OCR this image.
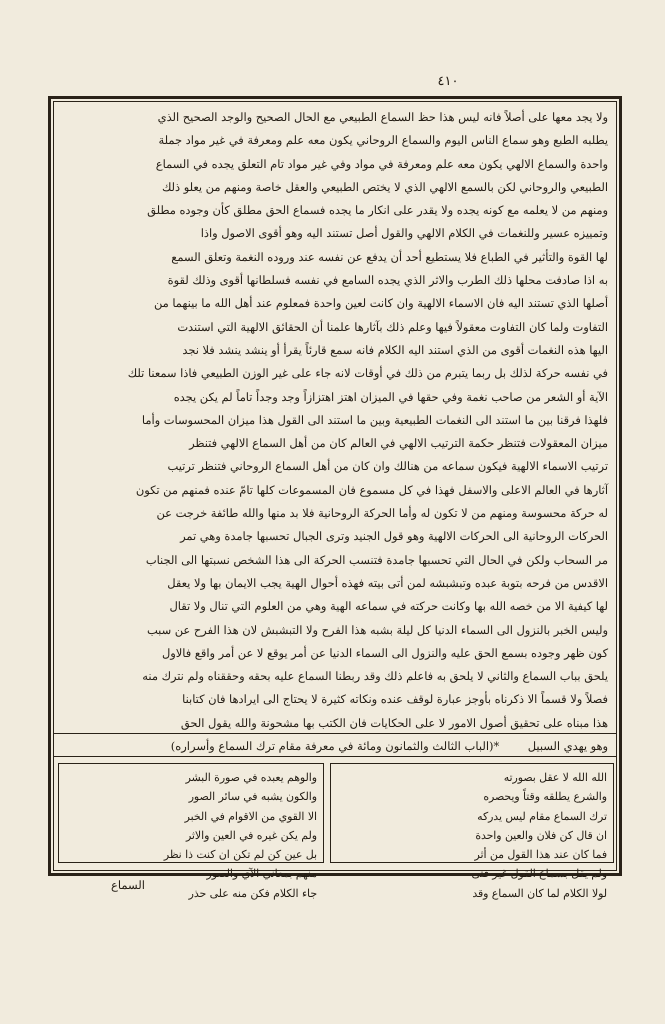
٤١٠

ولا يجد معها على أصلاً فانه ليس هذا حظ السماع الطبيعي مع الحال الصحيح والوجد الصحيح الذي

يطلبه الطبع وهو سماع الناس اليوم والسماع الروحاني يكون معه علم ومعرفة في غير مواد جملة

واحدة والسماع الالهي يكون معه علم ومعرفة في مواد وفي غير مواد تام التعلق يجده في السماع

الطبيعي والروحاني لكن بالسمع الالهي الذي لا يختص الطبيعي والعقل خاصة ومنهم من يعلو ذلك

ومنهم من لا يعلمه مع كونه يجده ولا يقدر على انكار ما يجده فسماع الحق مطلق كأن وجوده مطلق

وتمييزه عسير وللنغمات في الكلام الالهي والقول أصل تستند اليه وهو أقوى الاصول واذا

لها القوة والتأثير في الطباع فلا يستطيع أحد أن يدفع عن نفسه عند وروده النغمة وتعلق السمع

به اذا صادفت محلها ذلك الطرب والاثر الذي يجده السامع في نفسه فسلطانها أقوى وذلك لقوة

أصلها الذي تستند اليه فان الاسماء الالهية وان كانت لعين واحدة فمعلوم عند أهل الله ما بينهما من

التفاوت ولما كان التفاوت معقولاً فيها وعلم ذلك بآثارها علمنا أن الحقائق الالهية التي استندت

اليها هذه النغمات أقوى من الذي استند اليه الكلام فانه سمع قارئاً يقرأ أو ينشد ينشد فلا نجد

في نفسه حركة لذلك بل ربما يتبرم من ذلك في أوقات لانه جاء على غير الوزن الطبيعي فاذا سمعنا تلك

الآية أو الشعر من صاحب نغمة وفي حقها في الميزان اهتز اهتزازاً وجد وجداً تاماً لم يكن يجده

فلهذا فرقنا بين ما استند الى النغمات الطبيعية وبين ما استند الى القول هذا ميزان المحسوسات وأما

ميزان المعقولات فتنظر حكمة الترتيب الالهي في العالم كان من أهل السماع الالهي فتنظر

ترتيب الاسماء الالهية فيكون سماعه من هنالك وان كان من أهل السماع الروحاني فتنظر ترتيب

آثارها في العالم الاعلى والاسفل فهذا في كل مسموع فان المسموعات كلها تامّ عنده فمنهم من تكون

له حركة محسوسة ومنهم من لا تكون له وأما الحركة الروحانية فلا بد منها والله طائفة خرجت عن

الحركات الروحانية الى الحركات الالهية وهو قول الجنيد وترى الجبال تحسبها جامدة وهي تمر

مر السحاب ولكن في الحال التي تحسبها جامدة فتنسب الحركة الى هذا الشخص نسبتها الى الجناب

الاقدس من فرحه بتوبة عبده وتبشبشه لمن أتى بيته فهذه أحوال الهية يجب الايمان بها ولا يعقل

لها كيفية الا من خصه الله بها وكانت حركته في سماعه الهية وهي من العلوم التي تنال ولا تقال

وليس الخبر بالنزول الى السماء الدنيا كل ليلة بشبه هذا الفرح ولا التبشبش لان هذا الفرح عن سبب

كون ظهر وجوده بسمع الحق عليه والنزول الى السماء الدنيا عن أمر يوقع لا عن أمر واقع فالاول

يلحق بباب السماع والثاني لا يلحق به فاعلم ذلك وقد ربطنا السماع عليه بحقه وحققناه ولم نترك منه

فصلاً ولا قسماً الا ذكرناه بأوجز عبارة لوقف عنده ونكاته كثيرة لا يحتاج الى ايرادها فان كتابنا

هذا مبناه على تحقيق أصول الامور لا على الحكايات فان الكتب بها مشحونة والله يقول الحق

وهو يهدي السبيل

*(الباب الثالث والثمانون ومائة في معرفة مقام ترك السماع وأسراره)
الله الله لا عقل بصورته
والشرع يطلقه وقتاً ويحصره
ترك السماع مقام ليس يدركه
ان قال كن فلان والعين واحدة
فما كان عند هذا القول من أثر
ولم يقل بسماع القول غير فتى
لولا الكلام لما كان السماع وقد
والوهم يعبده في صورة البشر
والكون يشبه في سائر الصور
الا القوي من الاقوام في الخبر
ولم يكن غيره في العين والاثر
بل عين كن لم تكن ان كنت ذا نظر
منهم بمعاني الآي والصور
جاء الكلام فكن منه على حذر
السماع
